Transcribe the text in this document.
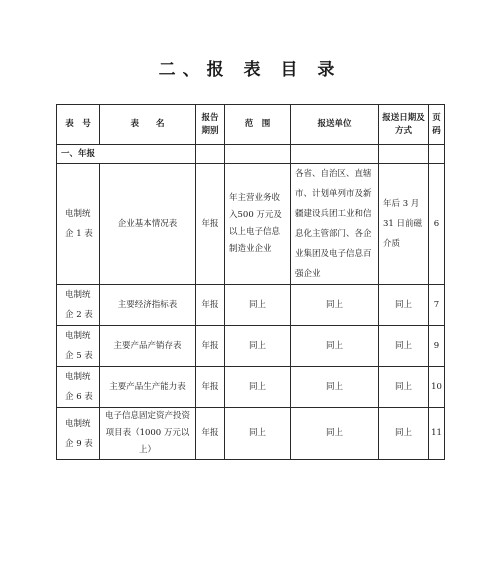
二、报 表 目 录
表　号	表　　名	报告期别	范　围	报送单位	报送日期及方式	页码
一、年报						
电制统企 1 表	企业基本情况表	年报	年主营业务收入500 万元及以上电子信息制造业企业	各省、自治区、直辖市、计划单列市及新疆建设兵团工业和信息化主管部门、各企业集团及电子信息百强企业	年后 3 月 31 日前磁介质	6
电制统企 2 表	主要经济指标表	年报	同上	同上	同上	7
电制统企 5 表	主要产品产销存表	年报	同上	同上	同上	9
电制统企 6 表	主要产品生产能力表	年报	同上	同上	同上	10
电制统企 9 表	电子信息固定资产投资项目表（1000 万元以上）	年报	同上	同上	同上	11
